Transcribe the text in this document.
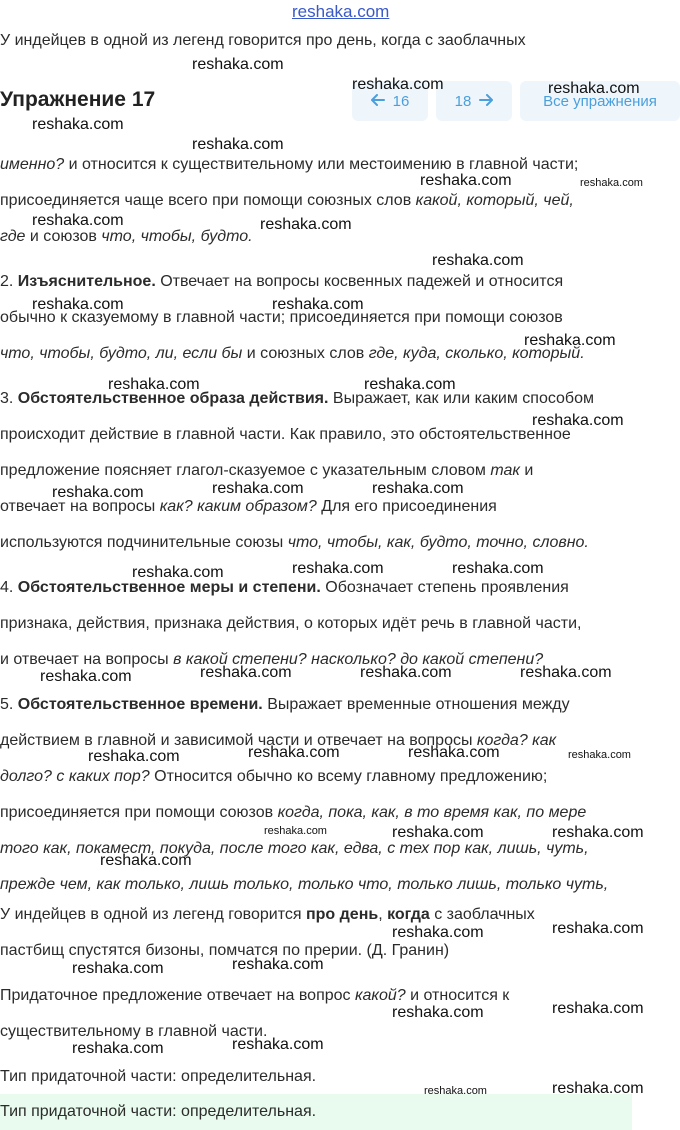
reshaka.com
У индейцев в одной из легенд говорится про день, когда с заоблачных
Упражнение 17	16	18	Все упражнения
именно? и относится к существительному или местоимению в главной части;
присоединяется чаще всего при помощи союзных слов какой, который, чей,
где и союзов что, чтобы, будто.
2. Изъяснительное. Отвечает на вопросы косвенных падежей и относится
обычно к сказуемому в главной части; присоединяется при помощи союзов
что, чтобы, будто, ли, если бы и союзных слов где, куда, сколько, который.
3. Обстоятельственное образа действия. Выражает, как или каким способом
происходит действие в главной части. Как правило, это обстоятельственное
предложение поясняет глагол-сказуемое с указательным словом так и
отвечает на вопросы как? каким образом? Для его присоединения
используются подчинительные союзы что, чтобы, как, будто, точно, словно.
4. Обстоятельственное меры и степени. Обозначает степень проявления
признака, действия, признака действия, о которых идёт речь в главной части,
и отвечает на вопросы в какой степени? насколько? до какой степени?
5. Обстоятельственное времени. Выражает временные отношения между
действием в главной и зависимой части и отвечает на вопросы когда? как
долго? с каких пор? Относится обычно ко всему главному предложению;
присоединяется при помощи союзов когда, пока, как, в то время как, по мере
того как, покамест, покуда, после того как, едва, с тех пор как, лишь, чуть,
прежде чем, как только, лишь только, только что, только лишь, только чуть,
У индейцев в одной из легенд говорится про день, когда с заоблачных
пастбищ спустятся бизоны, помчатся по прерии. (Д. Гранин)
Придаточное предложение отвечает на вопрос какой? и относится к
существительному в главной части.
Тип придаточной части: определительная.
Тип придаточной части: определительная.
reshaka.com
reshaka.com	reshaka.com
reshaka.com
reshaka.com
reshaka.com	reshaka.com
reshaka.com	reshaka.com
reshaka.com
reshaka.com	reshaka.com
reshaka.com
reshaka.com	reshaka.com
reshaka.com
reshaka.com	reshaka.com	reshaka.com
reshaka.com	reshaka.com	reshaka.com
reshaka.com	reshaka.com	reshaka.com	reshaka.com
reshaka.com	reshaka.com	reshaka.com	reshaka.com
reshaka.com	reshaka.com	reshaka.com
reshaka.com
reshaka.com	reshaka.com
reshaka.com	reshaka.com
reshaka.com	reshaka.com
reshaka.com	reshaka.com
reshaka.com	reshaka.com
